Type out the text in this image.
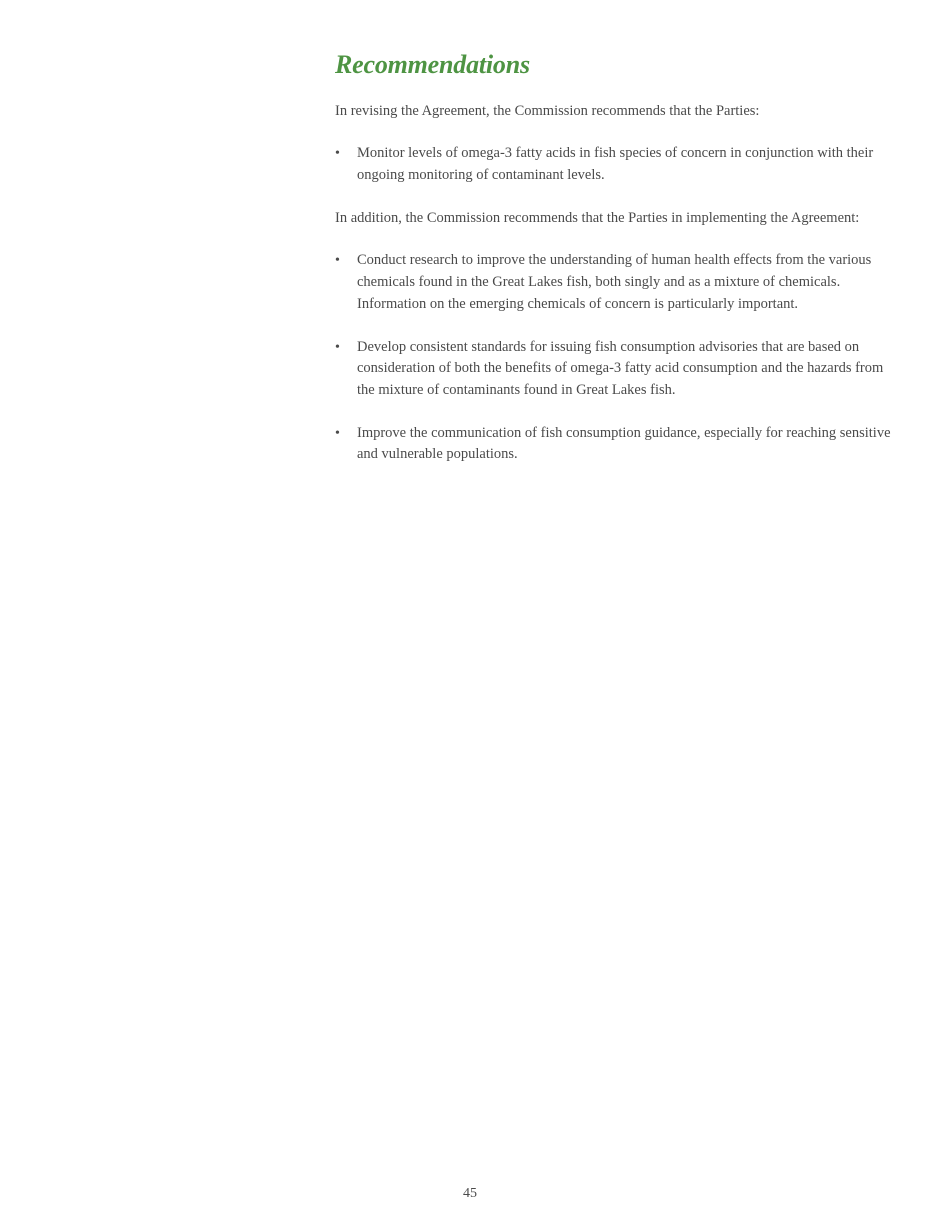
Recommendations

In revising the Agreement, the Commission recommends that the Parties:

• Monitor levels of omega-3 fatty acids in fish species of concern in conjunction with their ongoing monitoring of contaminant levels.

In addition, the Commission recommends that the Parties in implementing the Agreement:

• Conduct research to improve the understanding of human health effects from the various chemicals found in the Great Lakes fish, both singly and as a mixture of chemicals. Information on the emerging chemicals of concern is particularly important.
• Develop consistent standards for issuing fish consumption advisories that are based on consideration of both the benefits of omega-3 fatty acid consumption and the hazards from the mixture of contaminants found in Great Lakes fish.
• Improve the communication of fish consumption guidance, especially for reaching sensitive and vulnerable populations.
45
